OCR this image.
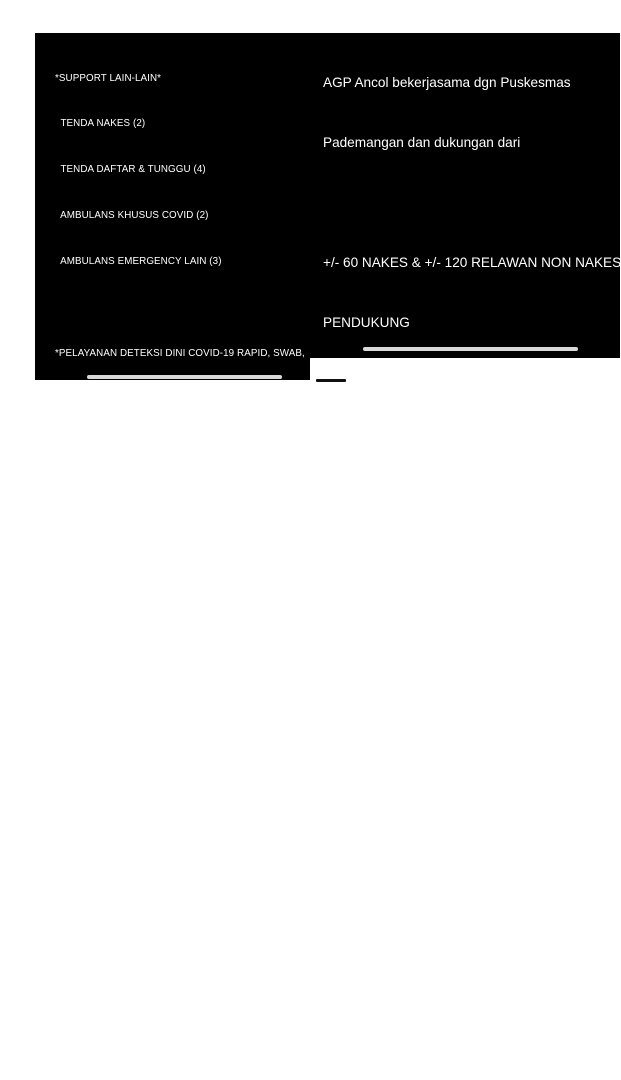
*SUPPORT LAIN-LAIN*

TENDA NAKES (2)

TENDA DAFTAR & TUNGGU (4)

AMBULANS KHUSUS COVID (2)

AMBULANS EMERGENCY LAIN (3)

*PELAYANAN DETEKSI DINI COVID-19 RAPID, SWAB,

PCR & YANKES LAIN*

+/- 65.300 ORG

*PELAYANAN TREATMENT & MONITORING PASIEN

CONFIRMED COVID-19*

DR 1453 ORG, SEMBUH +/- 1004 ORG

*PELAYANAN SBG PELAKSANA VAKSINASI COVID-19

PROGRAM PEMERINTAH, BERSAMA PUSKESMAS

PADEMANGAN*

+/- 47.776 ORG (UPDATE 13JUNI)

*DAN BERSAMA PUSKESMAS KELAPA GADING -

SENTRA MAG*

+/- 21.277 ORG (UPDATE 13JUNI)

AGP Ancol bekerjasama dgn Puskesmas

Pademangan dan dukungan dari

+/- 60 NAKES & +/- 120 RELAWAN NON NAKES

PENDUKUNG

FASILITAS

*AREA SKRINING & DETEKSI COVID-19*

TENDA PENGAMBILAN  SWAB/RTK

TENDA RONTGEN XRAY

TENDA PENGAMBILAN DARAH LAB

*AREA TREATMENT ISOLASI RANAP*

TENDA ISOLASI PASIEN RAWAT INAP

TENDA HCU/ICU

TENDA PERSIAPAN OK
